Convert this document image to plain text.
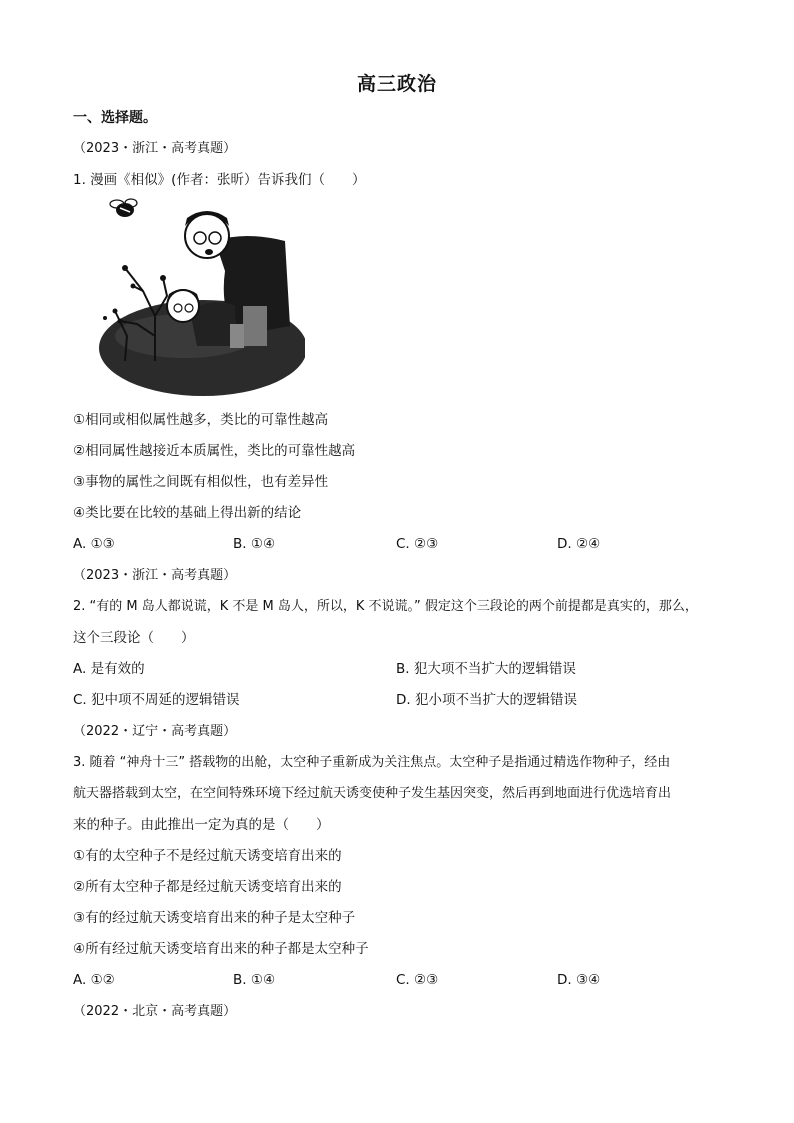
高三政治
一、选择题。
（2023・浙江・高考真题）
1. 漫画《相似》(作者：张昕）告诉我们（　　）
①相同或相似属性越多，类比的可靠性越高
②相同属性越接近本质属性，类比的可靠性越高
③事物的属性之间既有相似性，也有差异性
④类比要在比较的基础上得出新的结论
A. ①③	B. ①④	C. ②③	D. ②④
（2023・浙江・高考真题）
2. “有的 M 岛人都说谎，K 不是 M 岛人，所以，K 不说谎。” 假定这个三段论的两个前提都是真实的，那么，
这个三段论（　　）
A. 是有效的	B. 犯大项不当扩大的逻辑错误
C. 犯中项不周延的逻辑错误	D. 犯小项不当扩大的逻辑错误
（2022・辽宁・高考真题）
3. 随着 “神舟十三” 搭载物的出舱，太空种子重新成为关注焦点。太空种子是指通过精选作物种子，经由
航天器搭载到太空，在空间特殊环境下经过航天诱变使种子发生基因突变，然后再到地面进行优选培育出
来的种子。由此推出一定为真的是（　　）
①有的太空种子不是经过航天诱变培育出来的
②所有太空种子都是经过航天诱变培育出来的
③有的经过航天诱变培育出来的种子是太空种子
④所有经过航天诱变培育出来的种子都是太空种子
A. ①②	B. ①④	C. ②③	D. ③④
（2022・北京・高考真题）
